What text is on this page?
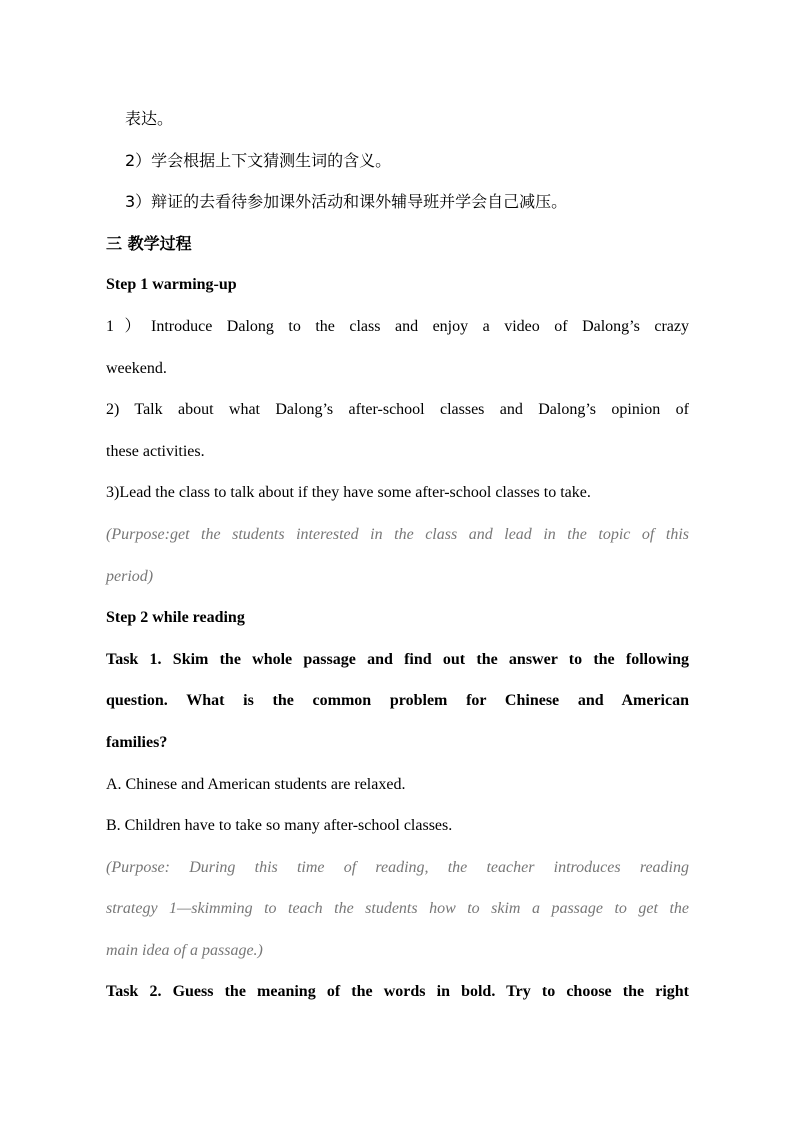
表达。
2）学会根据上下文猜测生词的含义。
3）辩证的去看待参加课外活动和课外辅导班并学会自己减压。
三 教学过程
Step 1 warming-up
1）Introduce Dalong to the class and enjoy a video of Dalong’s crazy
weekend.
2) Talk about what Dalong’s after-school classes and Dalong’s opinion of
these activities.
3)Lead the class to talk about if they have some after-school classes to take.
(Purpose:get the students interested in the class and lead in the topic of this
period)
Step 2 while reading
Task 1. Skim the whole passage and find out the answer to the following
question. What is the common problem for Chinese and American
families?
A. Chinese and American students are relaxed.
B. Children have to take so many after-school classes.
(Purpose: During this time of reading, the teacher introduces reading
strategy 1—skimming to teach the students how to skim a passage to get the
main idea of a passage.)
Task 2. Guess the meaning of the words in bold. Try to choose the right
